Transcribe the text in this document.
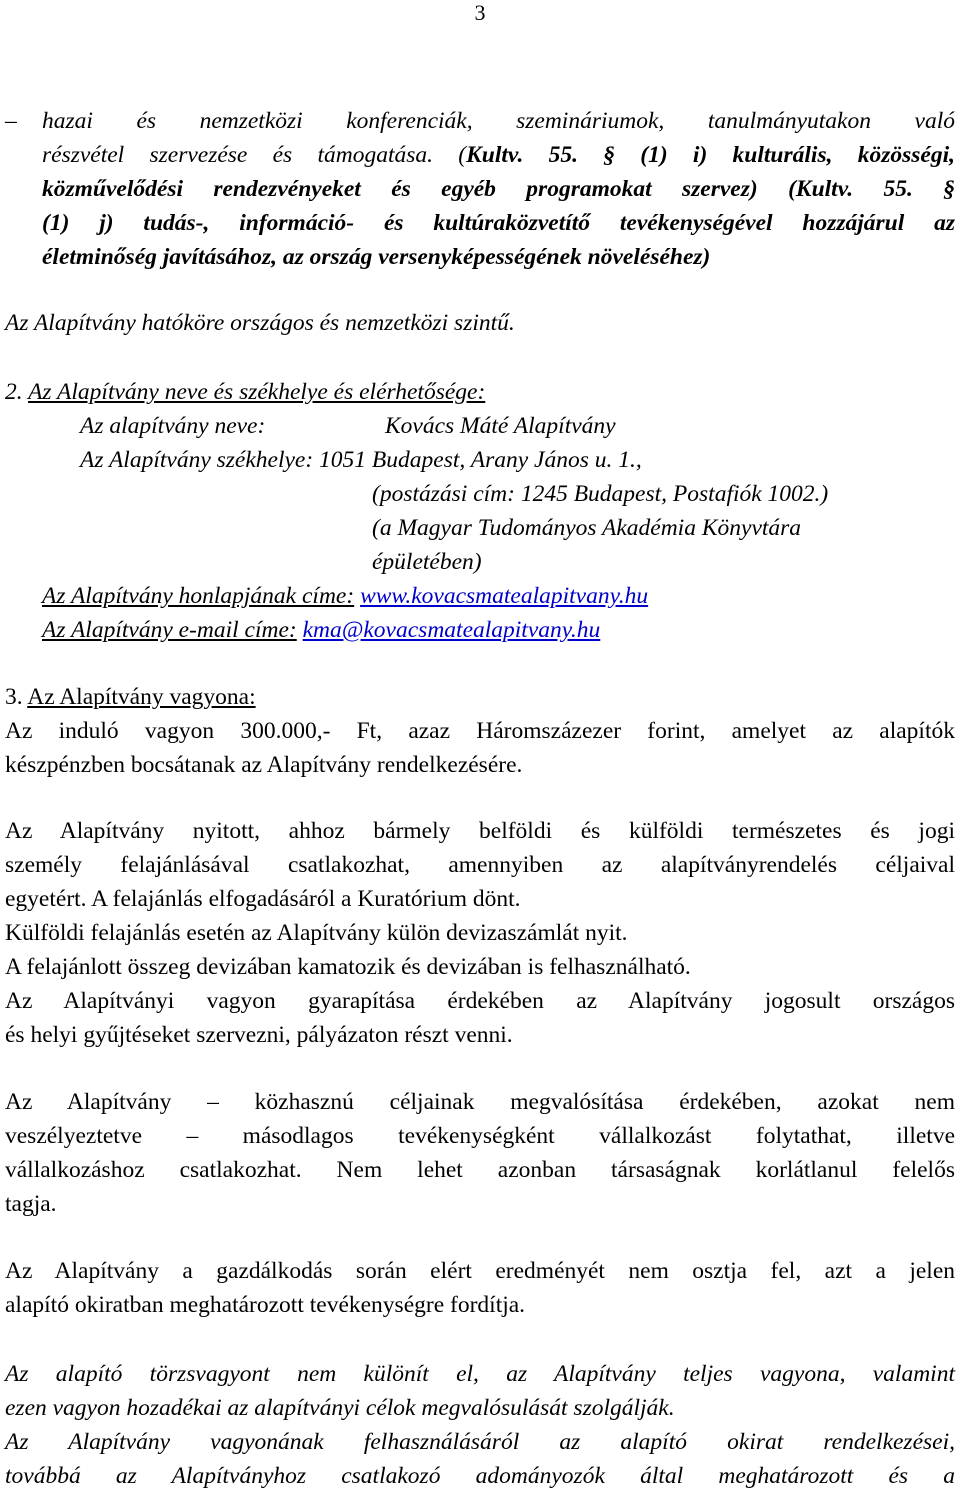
3
– hazai és nemzetközi konferenciák, szemináriumok, tanulmányutakon való
részvétel szervezése és támogatása. (Kultv. 55. § (1) i) kulturális, közösségi,
közművelődési rendezvényeket és egyéb programokat szervez) (Kultv. 55. §
(1) j) tudás-, információ- és kultúraközvetítő tevékenységével hozzájárul az
életminőség javításához, az ország versenyképességének növeléséhez)
Az Alapítvány hatóköre országos és nemzetközi szintű.
2. Az Alapítvány neve és székhelye és elérhetősége:
Az alapítvány neve:	Kovács Máté Alapítvány
Az Alapítvány székhelye: 1051 Budapest, Arany János u. 1.,
(postázási cím: 1245 Budapest, Postafiók 1002.)
(a Magyar Tudományos Akadémia Könyvtára
épületében)
Az Alapítvány honlapjának címe: www.kovacsmatealapitvany.hu
Az Alapítvány e-mail címe: kma@kovacsmatealapitvany.hu
3. Az Alapítvány vagyona:
Az induló vagyon 300.000,- Ft, azaz Háromszázezer forint, amelyet az alapítók
készpénzben bocsátanak az Alapítvány rendelkezésére.
Az Alapítvány nyitott, ahhoz bármely belföldi és külföldi természetes és jogi
személy felajánlásával csatlakozhat, amennyiben az alapítványrendelés céljaival
egyetért. A felajánlás elfogadásáról a Kuratórium dönt.
Külföldi felajánlás esetén az Alapítvány külön devizaszámlát nyit.
A felajánlott összeg devizában kamatozik és devizában is felhasználható.
Az Alapítványi vagyon gyarapítása érdekében az Alapítvány jogosult országos
és helyi gyűjtéseket szervezni, pályázaton részt venni.
Az Alapítvány – közhasznú céljainak megvalósítása érdekében, azokat nem
veszélyeztetve – másodlagos tevékenységként vállalkozást folytathat, illetve
vállalkozáshoz csatlakozhat. Nem lehet azonban társaságnak korlátlanul felelős
tagja.
Az Alapítvány a gazdálkodás során elért eredményét nem osztja fel, azt a jelen
alapító okiratban meghatározott tevékenységre fordítja.
Az alapító törzsvagyont nem különít el, az Alapítvány teljes vagyona, valamint
ezen vagyon hozadékai az alapítványi célok megvalósulását szolgálják.
Az Alapítvány vagyonának felhasználásáról az alapító okirat rendelkezései,
továbbá az Alapítványhoz csatlakozó adományozók által meghatározott és a
